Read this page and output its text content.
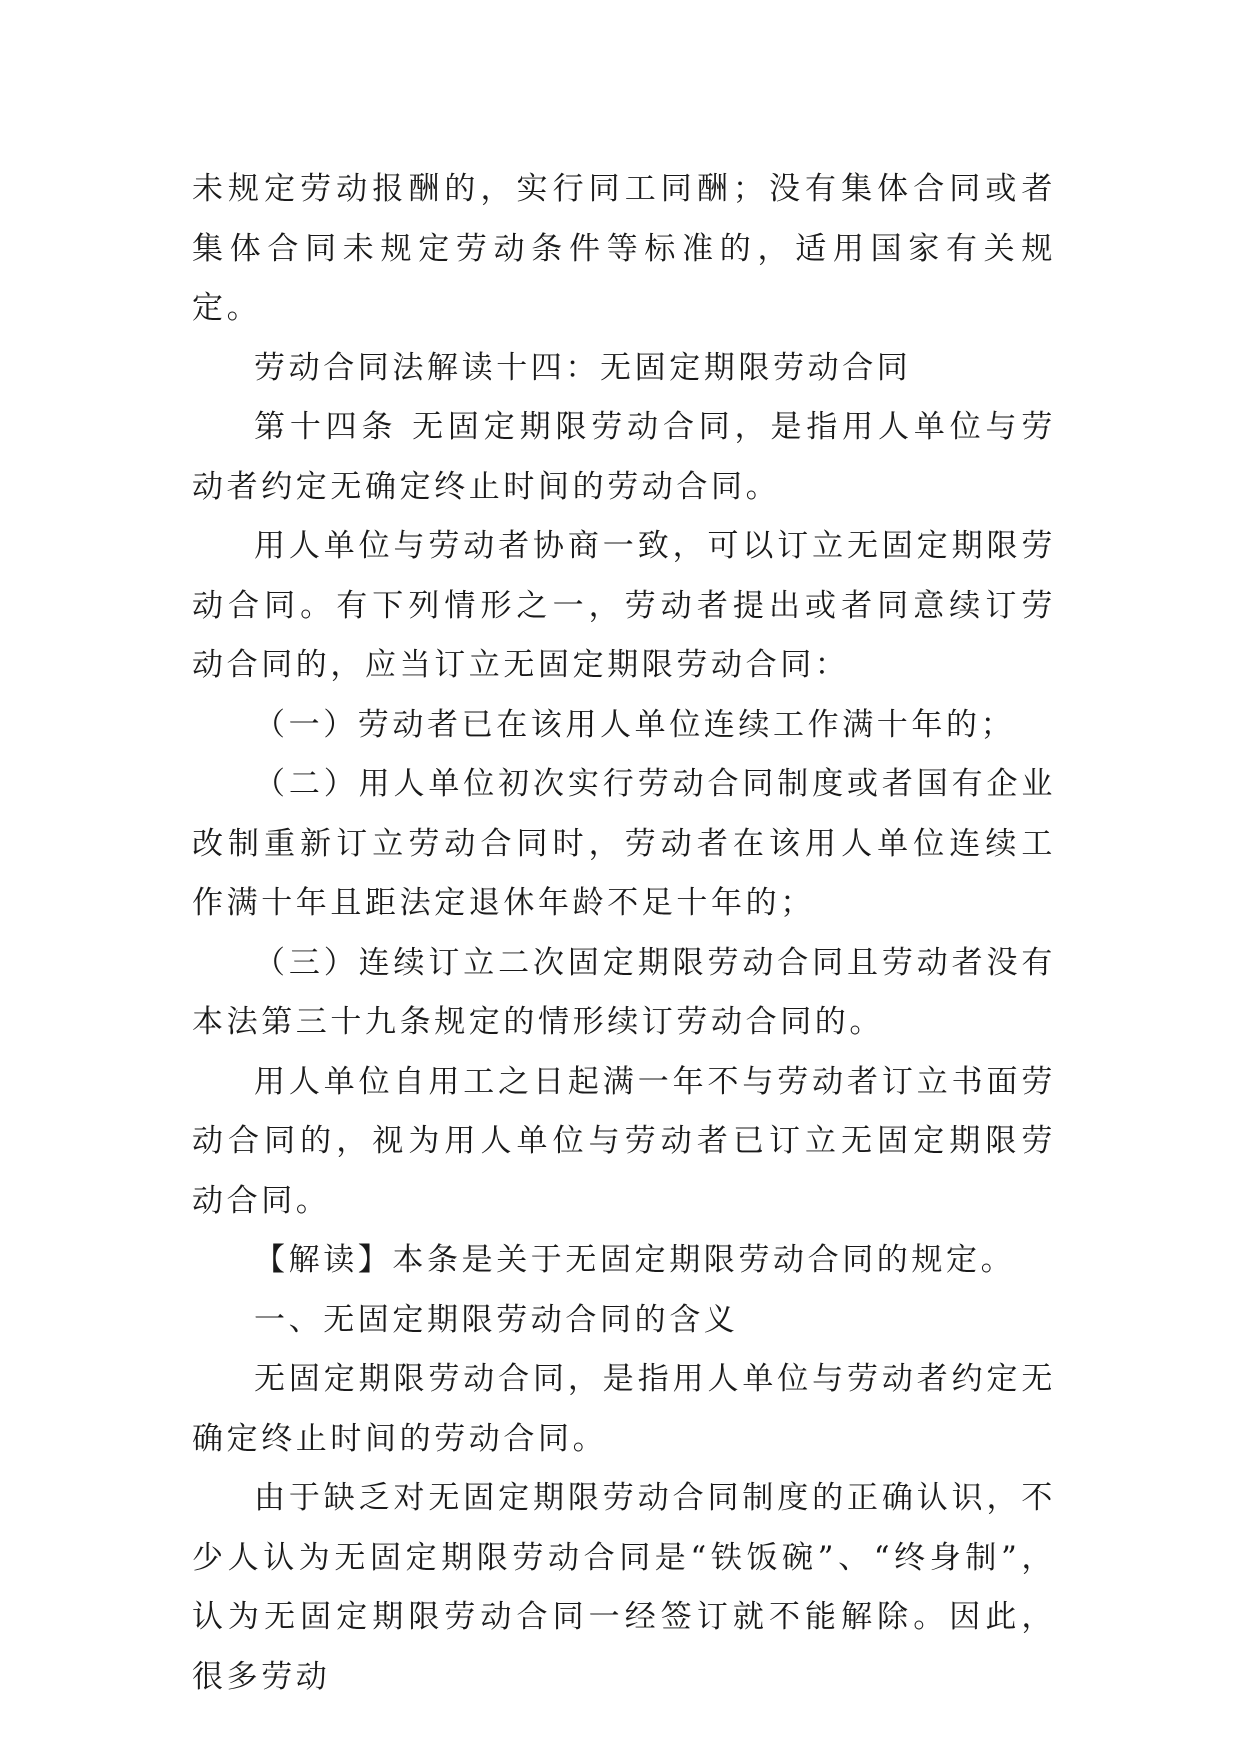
未规定劳动报酬的，实行同工同酬；没有集体合同或者集体合同未规定劳动条件等标准的，适用国家有关规定。

劳动合同法解读十四：无固定期限劳动合同

第十四条 无固定期限劳动合同，是指用人单位与劳动者约定无确定终止时间的劳动合同。

用人单位与劳动者协商一致，可以订立无固定期限劳动合同。有下列情形之一，劳动者提出或者同意续订劳动合同的，应当订立无固定期限劳动合同：

（一）劳动者已在该用人单位连续工作满十年的；

（二）用人单位初次实行劳动合同制度或者国有企业改制重新订立劳动合同时，劳动者在该用人单位连续工作满十年且距法定退休年龄不足十年的；

（三）连续订立二次固定期限劳动合同且劳动者没有本法第三十九条规定的情形续订劳动合同的。

用人单位自用工之日起满一年不与劳动者订立书面劳动合同的，视为用人单位与劳动者已订立无固定期限劳动合同。

【解读】本条是关于无固定期限劳动合同的规定。

一、无固定期限劳动合同的含义

无固定期限劳动合同，是指用人单位与劳动者约定无确定终止时间的劳动合同。

由于缺乏对无固定期限劳动合同制度的正确认识，不少人认为无固定期限劳动合同是“铁饭碗”、“终身制”，认为无固定期限劳动合同一经签订就不能解除。因此，很多劳动
